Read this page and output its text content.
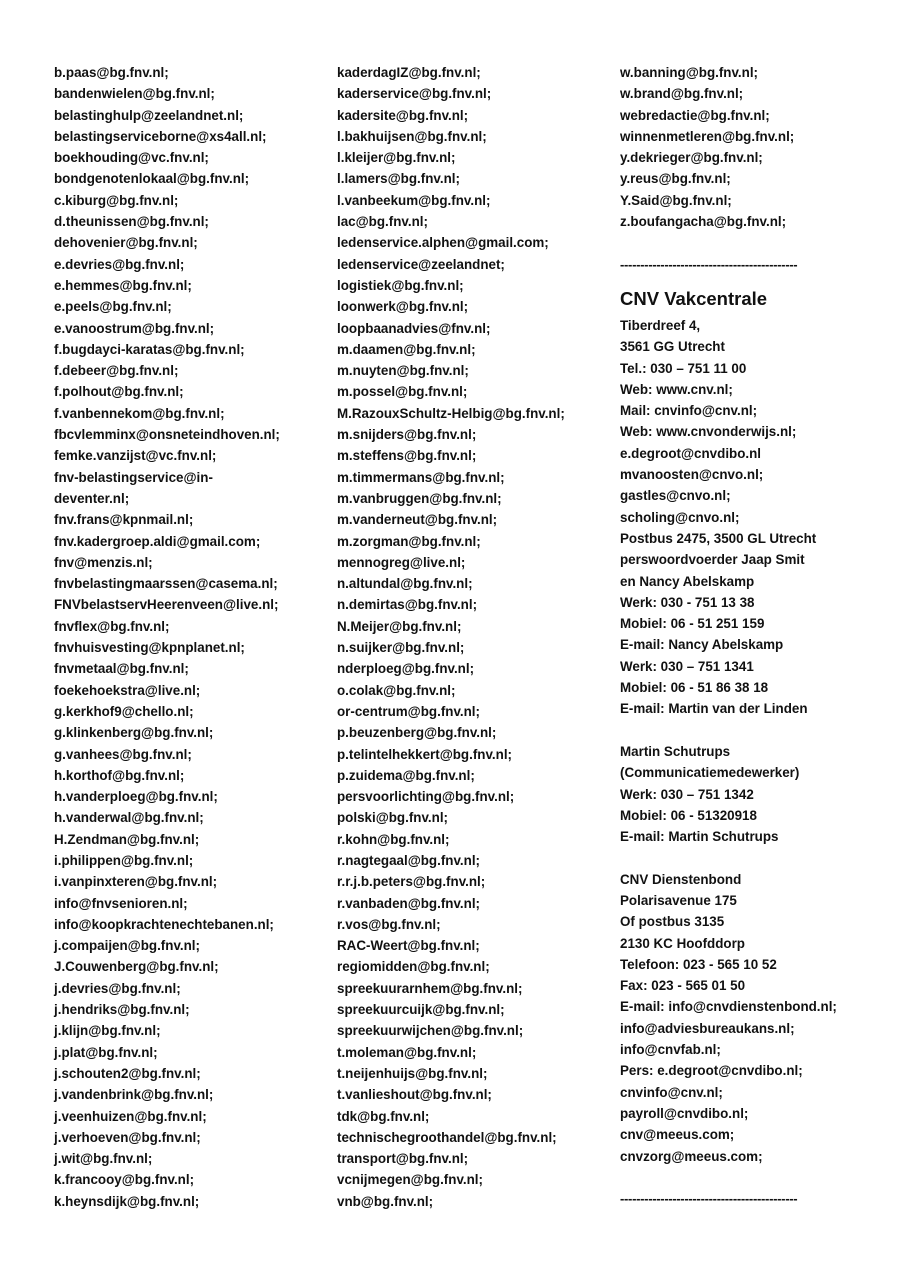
b.paas@bg.fnv.nl;
bandenwielen@bg.fnv.nl;
belastinghulp@zeelandnet.nl;
belastingserviceborne@xs4all.nl;
boekhouding@vc.fnv.nl;
bondgenotenlokaal@bg.fnv.nl;
c.kiburg@bg.fnv.nl;
d.theunissen@bg.fnv.nl;
dehovenier@bg.fnv.nl;
e.devries@bg.fnv.nl;
e.hemmes@bg.fnv.nl;
e.peels@bg.fnv.nl;
e.vanoostrum@bg.fnv.nl;
f.bugdayci-karatas@bg.fnv.nl;
f.debeer@bg.fnv.nl;
f.polhout@bg.fnv.nl;
f.vanbennekom@bg.fnv.nl;
fbcvlemminx@onsneteindhoven.nl;
femke.vanzijst@vc.fnv.nl;
fnv-belastingservice@in-
deventer.nl;
fnv.frans@kpnmail.nl;
fnv.kadergroep.aldi@gmail.com;
fnv@menzis.nl;
fnvbelastingmaarssen@casema.nl;
FNVbelastservHeerenveen@live.nl;
fnvflex@bg.fnv.nl;
fnvhuisvesting@kpnplanet.nl;
fnvmetaal@bg.fnv.nl;
foekehoekstra@live.nl;
g.kerkhof9@chello.nl;
g.klinkenberg@bg.fnv.nl;
g.vanhees@bg.fnv.nl;
h.korthof@bg.fnv.nl;
h.vanderploeg@bg.fnv.nl;
h.vanderwal@bg.fnv.nl;
H.Zendman@bg.fnv.nl;
i.philippen@bg.fnv.nl;
i.vanpinxteren@bg.fnv.nl;
info@fnvsenioren.nl;
info@koopkrachtenechtebanen.nl;
j.compaijen@bg.fnv.nl;
J.Couwenberg@bg.fnv.nl;
j.devries@bg.fnv.nl;
j.hendriks@bg.fnv.nl;
j.klijn@bg.fnv.nl;
j.plat@bg.fnv.nl;
j.schouten2@bg.fnv.nl;
j.vandenbrink@bg.fnv.nl;
j.veenhuizen@bg.fnv.nl;
j.verhoeven@bg.fnv.nl;
j.wit@bg.fnv.nl;
k.francooy@bg.fnv.nl;
k.heynsdijk@bg.fnv.nl;
kaderdagIZ@bg.fnv.nl;
kaderservice@bg.fnv.nl;
kadersite@bg.fnv.nl;
l.bakhuijsen@bg.fnv.nl;
l.kleijer@bg.fnv.nl;
l.lamers@bg.fnv.nl;
l.vanbeekum@bg.fnv.nl;
lac@bg.fnv.nl;
ledenservice.alphen@gmail.com;
ledenservice@zeelandnet;
logistiek@bg.fnv.nl;
loonwerk@bg.fnv.nl;
loopbaanadvies@fnv.nl;
m.daamen@bg.fnv.nl;
m.nuyten@bg.fnv.nl;
m.possel@bg.fnv.nl;
M.RazouxSchultz-Helbig@bg.fnv.nl;
m.snijders@bg.fnv.nl;
m.steffens@bg.fnv.nl;
m.timmermans@bg.fnv.nl;
m.vanbruggen@bg.fnv.nl;
m.vanderneut@bg.fnv.nl;
m.zorgman@bg.fnv.nl;
mennogreg@live.nl;
n.altundal@bg.fnv.nl;
n.demirtas@bg.fnv.nl;
N.Meijer@bg.fnv.nl;
n.suijker@bg.fnv.nl;
nderploeg@bg.fnv.nl;
o.colak@bg.fnv.nl;
or-centrum@bg.fnv.nl;
p.beuzenberg@bg.fnv.nl;
p.telintelhekkert@bg.fnv.nl;
p.zuidema@bg.fnv.nl;
persvoorlichting@bg.fnv.nl;
polski@bg.fnv.nl;
r.kohn@bg.fnv.nl;
r.nagtegaal@bg.fnv.nl;
r.r.j.b.peters@bg.fnv.nl;
r.vanbaden@bg.fnv.nl;
r.vos@bg.fnv.nl;
RAC-Weert@bg.fnv.nl;
regiomidden@bg.fnv.nl;
spreekuurarnhem@bg.fnv.nl;
spreekuurcuijk@bg.fnv.nl;
spreekuurwijchen@bg.fnv.nl;
t.moleman@bg.fnv.nl;
t.neijenhuijs@bg.fnv.nl;
t.vanlieshout@bg.fnv.nl;
tdk@bg.fnv.nl;
technischegroothandel@bg.fnv.nl;
transport@bg.fnv.nl;
vcnijmegen@bg.fnv.nl;
vnb@bg.fnv.nl;
w.banning@bg.fnv.nl;
w.brand@bg.fnv.nl;
webredactie@bg.fnv.nl;
winnenmetleren@bg.fnv.nl;
y.dekrieger@bg.fnv.nl;
y.reus@bg.fnv.nl;
Y.Said@bg.fnv.nl;
z.boufangacha@bg.fnv.nl;
--------------------------------------------
CNV Vakcentrale
Tiberdreef 4,
3561 GG Utrecht
Tel.: 030 – 751 11 00
Web: www.cnv.nl;
Mail: cnvinfo@cnv.nl;
Web: www.cnvonderwijs.nl;
e.degroot@cnvdibo.nl
mvanoosten@cnvo.nl;
gastles@cnvo.nl;
scholing@cnvo.nl;
Postbus 2475, 3500 GL Utrecht
perswoordvoerder Jaap Smit
en Nancy Abelskamp
Werk: 030 - 751 13 38
Mobiel: 06 - 51 251 159
E-mail: Nancy Abelskamp
Werk: 030 – 751 1341
Mobiel: 06 - 51 86 38 18
E-mail: Martin van der Linden
Martin Schutrups
(Communicatiemedewerker)
Werk: 030 – 751 1342
Mobiel: 06 - 51320918
E-mail: Martin Schutrups
CNV Dienstenbond
Polarisavenue 175
Of postbus 3135
2130 KC Hoofddorp
Telefoon: 023 - 565 10 52
Fax: 023 - 565 01 50
E-mail: info@cnvdienstenbond.nl;
info@adviesbureaukans.nl;
info@cnvfab.nl;
Pers: e.degroot@cnvdibo.nl;
cnvinfo@cnv.nl;
payroll@cnvdibo.nl;
cnv@meeus.com;
cnvzorg@meeus.com;
--------------------------------------------
